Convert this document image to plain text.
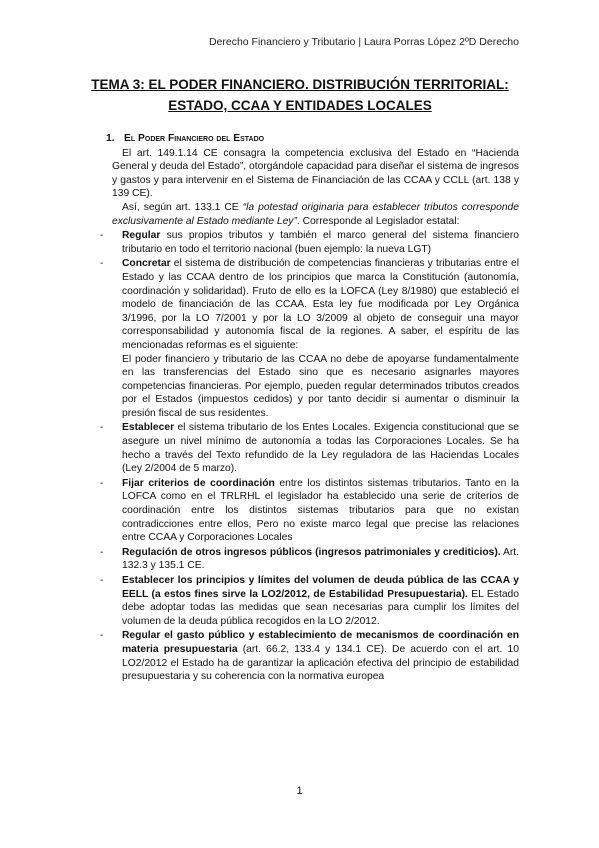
Derecho Financiero y Tributario | Laura Porras López 2ºD Derecho
TEMA 3: EL PODER FINANCIERO. DISTRIBUCIÓN TERRITORIAL:
ESTADO, CCAA Y ENTIDADES LOCALES
1. El Poder Financiero del Estado

El art. 149.1.14 CE consagra la competencia exclusiva del Estado en “Hacienda General y deuda del Estado”, otorgándole capacidad para diseñar el sistema de ingresos y gastos y para intervenir en el Sistema de Financiación de las CCAA y CCLL (art. 138 y 139 CE).

Así, según art. 133.1 CE “la potestad originaria para establecer tributos corresponde exclusivamente al Estado mediante Ley”. Corresponde al Legislador estatal:

- Regular sus propios tributos y también el marco general del sistema financiero tributario en todo el territorio nacional (buen ejemplo: la nueva LGT)
- Concretar el sistema de distribución de competencias financieras y tributarias entre el Estado y las CCAA dentro de los principios que marca la Constitución (autonomía, coordinación y solidaridad). Fruto de ello es la LOFCA (Ley 8/1980) que estableció el modelo de financiación de las CCAA. Esta ley fue modificada por Ley Orgánica 3/1996, por la LO 7/2001 y por la LO 3/2009 al objeto de conseguir una mayor corresponsabilidad y autonomía fiscal de la regiones. A saber, el espíritu de las mencionadas reformas es el siguiente:

El poder financiero y tributario de las CCAA no debe de apoyarse fundamentalmente en las transferencias del Estado sino que es necesario asignarles mayores competencias financieras. Por ejemplo, pueden regular determinados tributos creados por el Estados (impuestos cedidos) y por tanto decidir si aumentar o disminuir la presión fiscal de sus residentes.

- Establecer el sistema tributario de los Entes Locales. Exigencia constitucional que se asegure un nivel mínimo de autonomía a todas las Corporaciones Locales. Se ha hecho a través del Texto refundido de la Ley reguladora de las Haciendas Locales (Ley 2/2004 de 5 marzo).
- Fijar criterios de coordinación entre los distintos sistemas tributarios. Tanto en la LOFCA como en el TRLRHL el legislador ha establecido una serie de criterios de coordinación entre los distintos sistemas tributarios para que no existan contradicciones entre ellos, Pero no existe marco legal que precise las relaciones entre CCAA y Corporaciones Locales
- Regulación de otros ingresos públicos (ingresos patrimoniales y crediticios). Art. 132.3 y 135.1 CE.
- Establecer los principios y límites del volumen de deuda pública de las CCAA y EELL (a estos fines sirve la LO2/2012, de Estabilidad Presupuestaria). EL Estado debe adoptar todas las medidas que sean necesarias para cumplir los límites del volumen de la deuda pública recogidos en la LO 2/2012.
- Regular el gasto público y establecimiento de mecanismos de coordinación en materia presupuestaria (art. 66.2, 133.4 y 134.1 CE). De acuerdo con el art. 10 LO2/2012 el Estado ha de garantizar la aplicación efectiva del principio de estabilidad presupuestaria y su coherencia con la normativa europea
1
